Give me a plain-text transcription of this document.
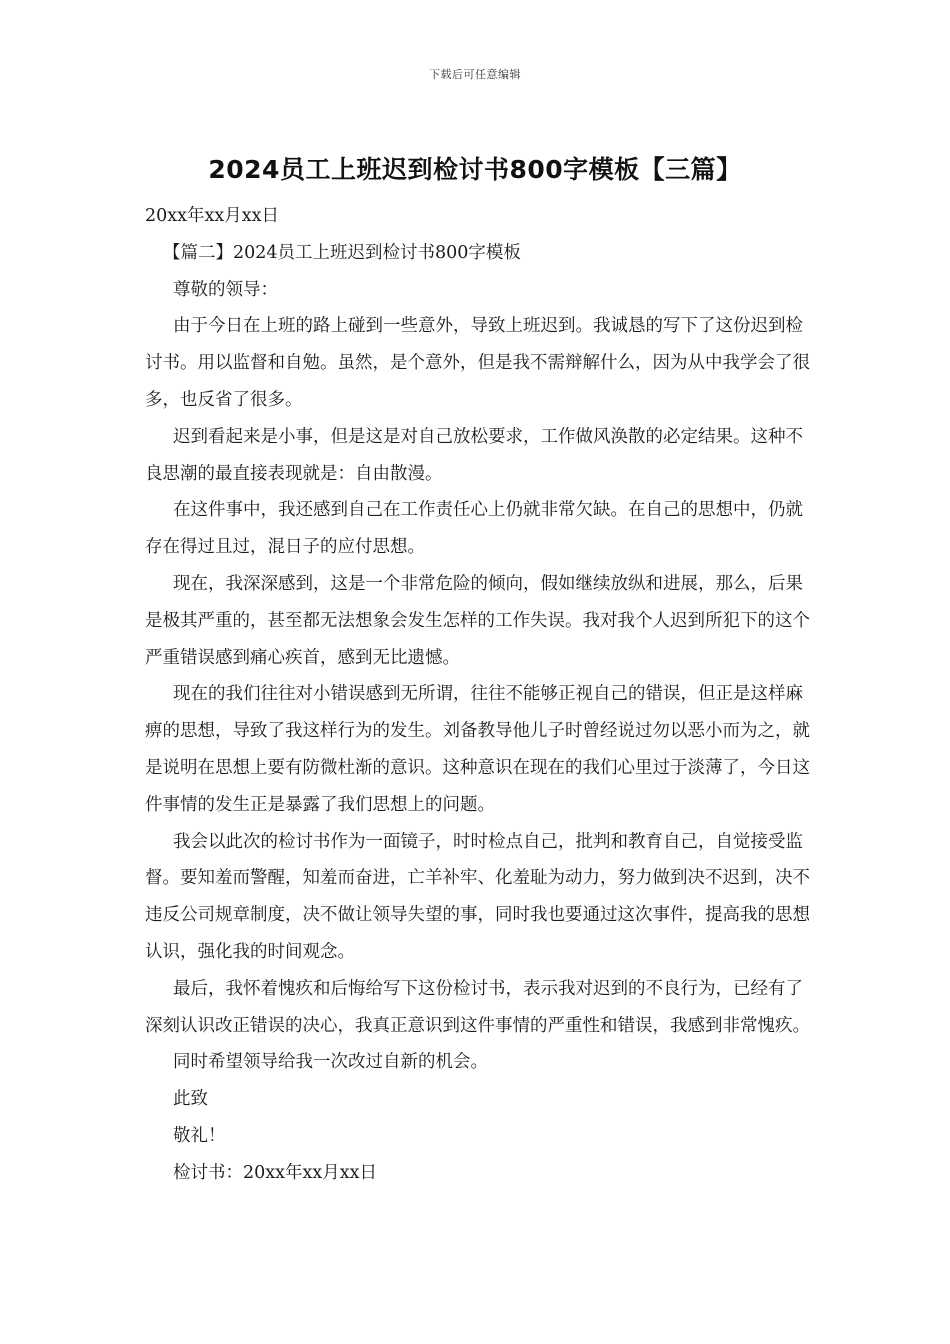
下载后可任意编辑
2024员工上班迟到检讨书800字模板【三篇】

20xx年xx月xx日

【篇二】2024员工上班迟到检讨书800字模板

尊敬的领导：

由于今日在上班的路上碰到一些意外，导致上班迟到。我诚恳的写下了这份迟到检讨书。用以监督和自勉。虽然，是个意外，但是我不需辩解什么，因为从中我学会了很多，也反省了很多。

迟到看起来是小事，但是这是对自己放松要求，工作做风涣散的必定结果。这种不良思潮的最直接表现就是：自由散漫。

在这件事中，我还感到自己在工作责任心上仍就非常欠缺。在自己的思想中，仍就存在得过且过，混日子的应付思想。

现在，我深深感到，这是一个非常危险的倾向，假如继续放纵和进展，那么，后果是极其严重的，甚至都无法想象会发生怎样的工作失误。我对我个人迟到所犯下的这个严重错误感到痛心疾首，感到无比遗憾。

现在的我们往往对小错误感到无所谓，往往不能够正视自己的错误，但正是这样麻痹的思想，导致了我这样行为的发生。刘备教导他儿子时曾经说过勿以恶小而为之，就是说明在思想上要有防微杜渐的意识。这种意识在现在的我们心里过于淡薄了，今日这件事情的发生正是暴露了我们思想上的问题。

我会以此次的检讨书作为一面镜子，时时检点自己，批判和教育自己，自觉接受监督。要知羞而警醒，知羞而奋进，亡羊补牢、化羞耻为动力，努力做到决不迟到，决不违反公司规章制度，决不做让领导失望的事，同时我也要通过这次事件，提高我的思想认识，强化我的时间观念。

最后，我怀着愧疚和后悔给写下这份检讨书，表示我对迟到的不良行为，已经有了深刻认识改正错误的决心，我真正意识到这件事情的严重性和错误，我感到非常愧疚。

同时希望领导给我一次改过自新的机会。

此致

敬礼！

检讨书：20xx年xx月xx日
